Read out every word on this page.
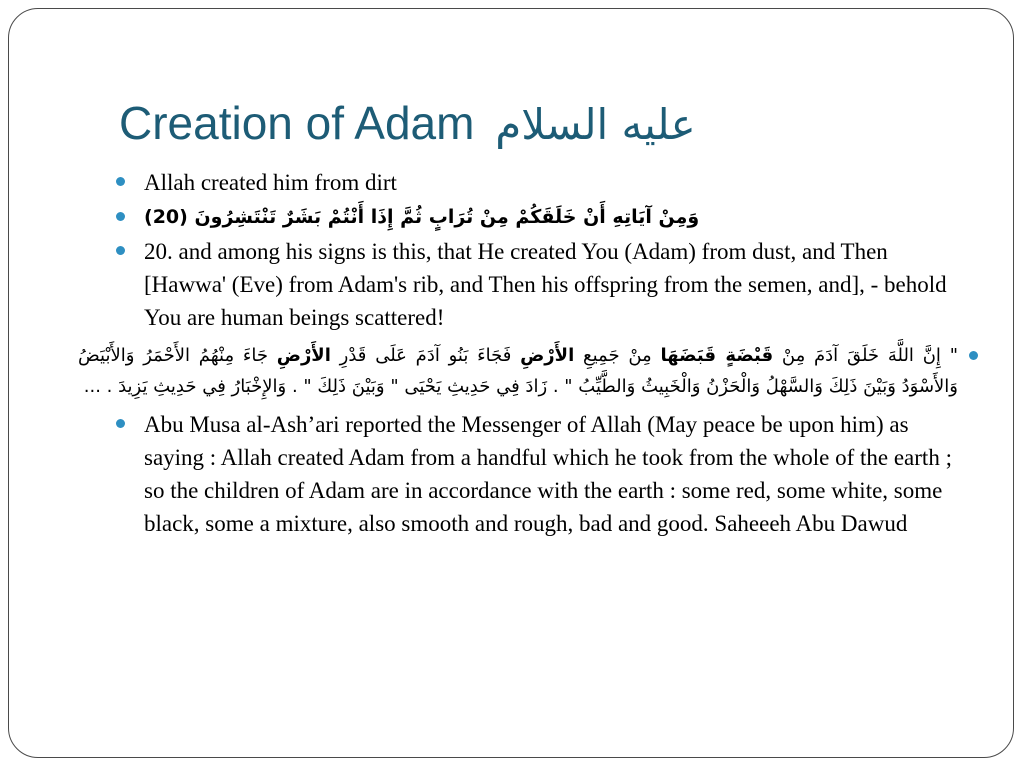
Creation of Adam عليه السلام
Allah created him from dirt
وَمِنْ آيَاتِهِ أَنْ خَلَقَكُمْ مِنْ تُرَابٍ ثُمَّ إِذَا أَنْتُمْ بَشَرٌ تَنْتَشِرُونَ (20)
20. and among his signs is this, that He created You (Adam) from dust, and Then [Hawwa' (Eve) from Adam's rib, and Then his offspring from the semen, and], - behold You are human beings scattered!
" إِنَّ اللَّهَ خَلَقَ آدَمَ مِنْ قَبْضَةٍ قَبَضَهَا مِنْ جَمِيعِ الأَرْضِ فَجَاءَ بَنُو آدَمَ عَلَى قَدْرِ الأَرْضِ جَاءَ مِنْهُمُ الأَحْمَرُ وَالأَبْيَضُ وَالأَسْوَدُ وَبَيْنَ ذَلِكَ وَالسَّهْلُ وَالْحَزْنُ وَالْخَبِيثُ وَالطَّيِّبُ " . زَادَ فِي حَدِيثِ يَحْيَى " وَبَيْنَ ذَلِكَ " . وَالإِخْبَارُ فِي حَدِيثِ يَزِيدَ . ...
Abu Musa al-Ash’ari reported the Messenger of Allah (May peace be upon him) as saying : Allah created Adam from a handful which he took from the whole of the earth ; so the children of Adam are in accordance with the earth : some red, some white, some black, some a mixture, also smooth and rough, bad and good. Saheeeh Abu Dawud
